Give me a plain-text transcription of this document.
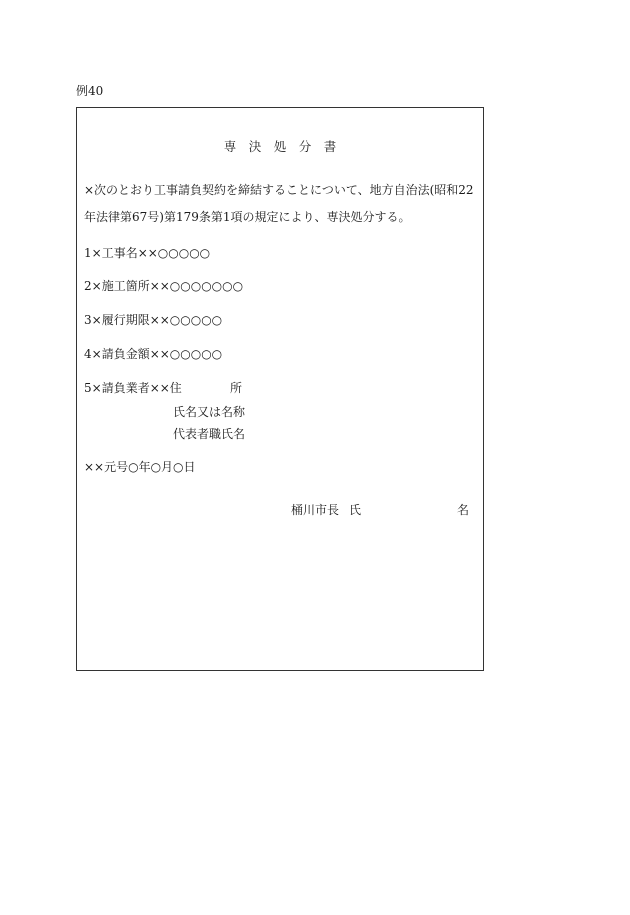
例40
専　決　処　分　書
×次のとおり工事請負契約を締結することについて、地方自治法(昭和22
年法律第67号)第179条第1項の規定により、専決処分する。
1×工事名××○○○○○
2×施工箇所××○○○○○○○
3×履行期限××○○○○○
4×請負金額××○○○○○
5×請負業者××住	所
氏名又は名称
代表者職氏名
××元号○年○月○日
桶川市長 氏	名
